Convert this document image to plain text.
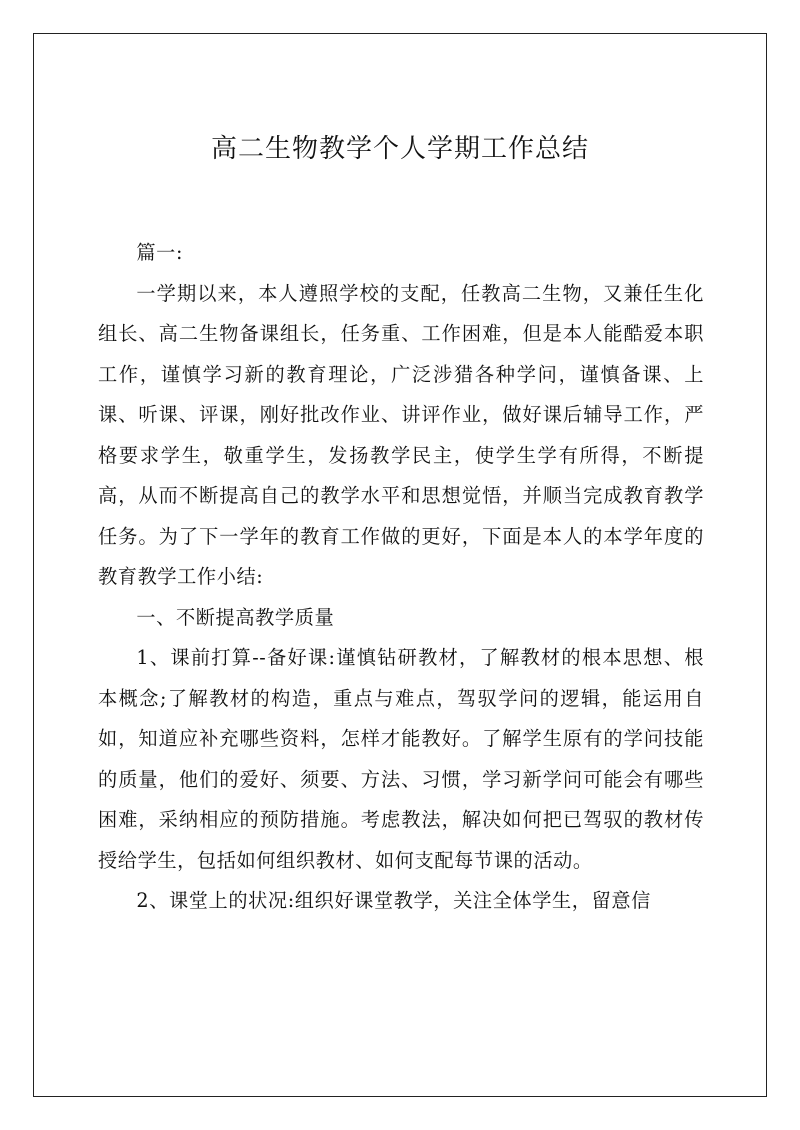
高二生物教学个人学期工作总结

篇一:

一学期以来，本人遵照学校的支配，任教高二生物，又兼任生化组长、高二生物备课组长，任务重、工作困难，但是本人能酷爱本职工作，谨慎学习新的教育理论，广泛涉猎各种学问，谨慎备课、上课、听课、评课，刚好批改作业、讲评作业，做好课后辅导工作，严格要求学生，敬重学生，发扬教学民主，使学生学有所得，不断提高，从而不断提高自己的教学水平和思想觉悟，并顺当完成教育教学任务。为了下一学年的教育工作做的更好，下面是本人的本学年度的教育教学工作小结:

一、不断提高教学质量

1、课前打算--备好课:谨慎钻研教材，了解教材的根本思想、根本概念;了解教材的构造，重点与难点，驾驭学问的逻辑，能运用自如，知道应补充哪些资料，怎样才能教好。了解学生原有的学问技能的质量，他们的爱好、须要、方法、习惯，学习新学问可能会有哪些困难，采纳相应的预防措施。考虑教法，解决如何把已驾驭的教材传授给学生，包括如何组织教材、如何支配每节课的活动。

2、课堂上的状况:组织好课堂教学，关注全体学生，留意信
